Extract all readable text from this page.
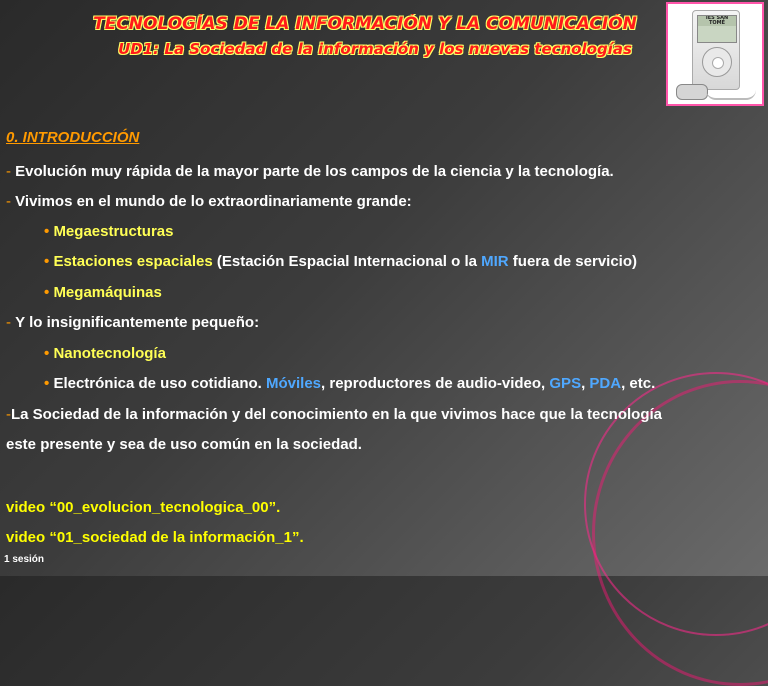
TECNOLOGÍAS DE LA INFORMACIÓN Y LA COMUNICACIÓN
UD1: La Sociedad de la información y los nuevas tecnologías
IES SAN TOMÉ
0. INTRODUCCIÓN
- Evolución muy rápida de la mayor parte de los campos de la ciencia y la tecnología.
- Vivimos en el mundo de lo extraordinariamente grande:
• Megaestructuras
• Estaciones espaciales (Estación Espacial Internacional o la MIR fuera de servicio)
• Megamáquinas
- Y lo insignificantemente pequeño:
• Nanotecnología
• Electrónica de uso cotidiano. Móviles, reproductores de audio-video, GPS, PDA, etc.
-La Sociedad de la información y del conocimiento en la que vivimos hace que la tecnología
este presente y sea de uso común en la sociedad.
video “00_evolucion_tecnologica_00”.
video “01_sociedad de la información_1”.
1 sesión
